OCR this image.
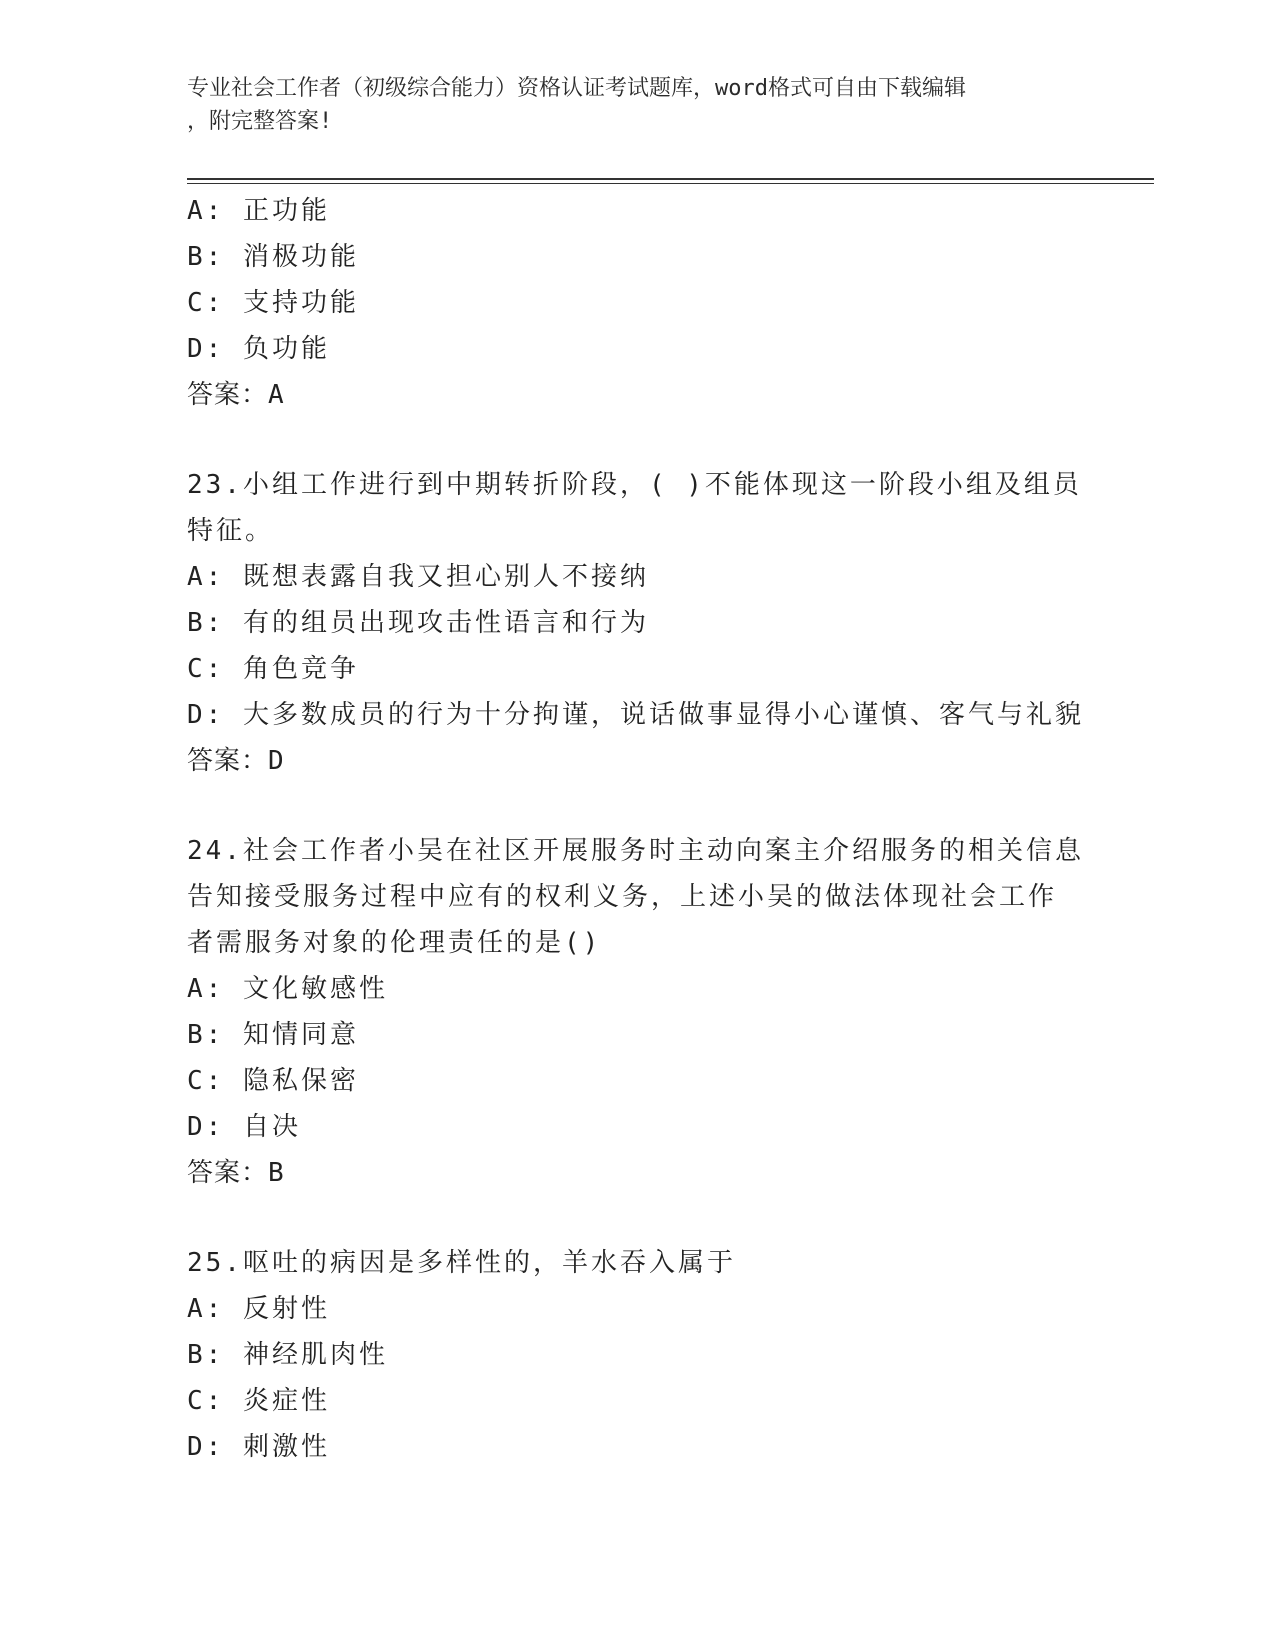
专业社会工作者（初级综合能力）资格认证考试题库，word格式可自由下载编辑
，附完整答案!
A: 正功能
B: 消极功能
C: 支持功能
D: 负功能
答案：A
23.小组工作进行到中期转折阶段，( )不能体现这一阶段小组及组员
特征。
A: 既想表露自我又担心别人不接纳
B: 有的组员出现攻击性语言和行为
C: 角色竞争
D: 大多数成员的行为十分拘谨，说话做事显得小心谨慎、客气与礼貌
答案：D
24.社会工作者小吴在社区开展服务时主动向案主介绍服务的相关信息
告知接受服务过程中应有的权利义务，上述小吴的做法体现社会工作
者需服务对象的伦理责任的是()
A: 文化敏感性
B: 知情同意
C: 隐私保密
D: 自决
答案：B
25.呕吐的病因是多样性的，羊水吞入属于
A: 反射性
B: 神经肌肉性
C: 炎症性
D: 刺激性
